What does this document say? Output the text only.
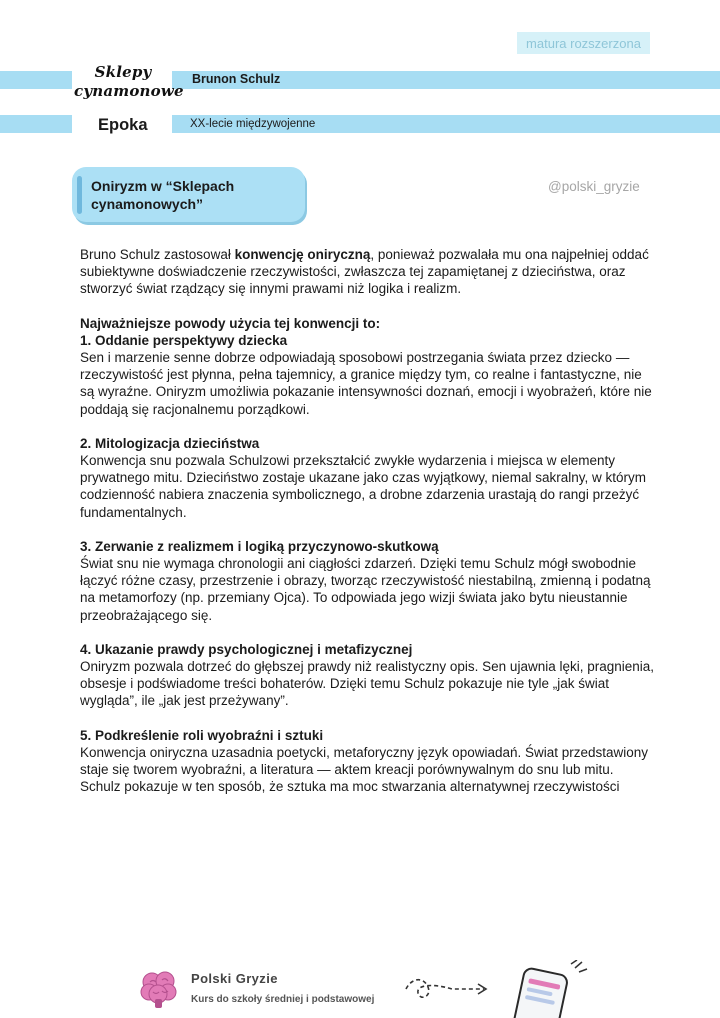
matura rozszerzona
Sklepy
cynamonowe
Brunon Schulz
Epoka	XX-lecie międzywojenne
Oniryzm w “Sklepach cynamonowych”
@polski_gryzie

Bruno Schulz zastosował konwencję oniryczną, ponieważ pozwalała mu ona najpełniej oddać subiektywne doświadczenie rzeczywistości, zwłaszcza tej zapamiętanej z dzieciństwa, oraz stworzyć świat rządzący się innymi prawami niż logika i realizm.

Najważniejsze powody użycia tej konwencji to:

1. Oddanie perspektywy dziecka

Sen i marzenie senne dobrze odpowiadają sposobowi postrzegania świata przez dziecko — rzeczywistość jest płynna, pełna tajemnicy, a granice między tym, co realne i fantastyczne, nie są wyraźne. Oniryzm umożliwia pokazanie intensywności doznań, emocji i wyobrażeń, które nie poddają się racjonalnemu porządkowi.

2. Mitologizacja dzieciństwa

Konwencja snu pozwala Schulzowi przekształcić zwykłe wydarzenia i miejsca w elementy prywatnego mitu. Dzieciństwo zostaje ukazane jako czas wyjątkowy, niemal sakralny, w którym codzienność nabiera znaczenia symbolicznego, a drobne zdarzenia urastają do rangi przeżyć fundamentalnych.

3. Zerwanie z realizmem i logiką przyczynowo-skutkową

Świat snu nie wymaga chronologii ani ciągłości zdarzeń. Dzięki temu Schulz mógł swobodnie łączyć różne czasy, przestrzenie i obrazy, tworząc rzeczywistość niestabilną, zmienną i podatną na metamorfozy (np. przemiany Ojca). To odpowiada jego wizji świata jako bytu nieustannie przeobrażającego się.

4. Ukazanie prawdy psychologicznej i metafizycznej

Oniryzm pozwala dotrzeć do głębszej prawdy niż realistyczny opis. Sen ujawnia lęki, pragnienia, obsesje i podświadome treści bohaterów. Dzięki temu Schulz pokazuje nie tyle „jak świat wygląda”, ile „jak jest przeżywany”.

5. Podkreślenie roli wyobraźni i sztuki

Konwencja oniryczna uzasadnia poetycki, metaforyczny język opowiadań. Świat przedstawiony staje się tworem wyobraźni, a literatura — aktem kreacji porównywalnym do snu lub mitu. Schulz pokazuje w ten sposób, że sztuka ma moc stwarzania alternatywnej rzeczywistości

Polski Gryzie
Kurs do szkoły średniej i podstawowej
